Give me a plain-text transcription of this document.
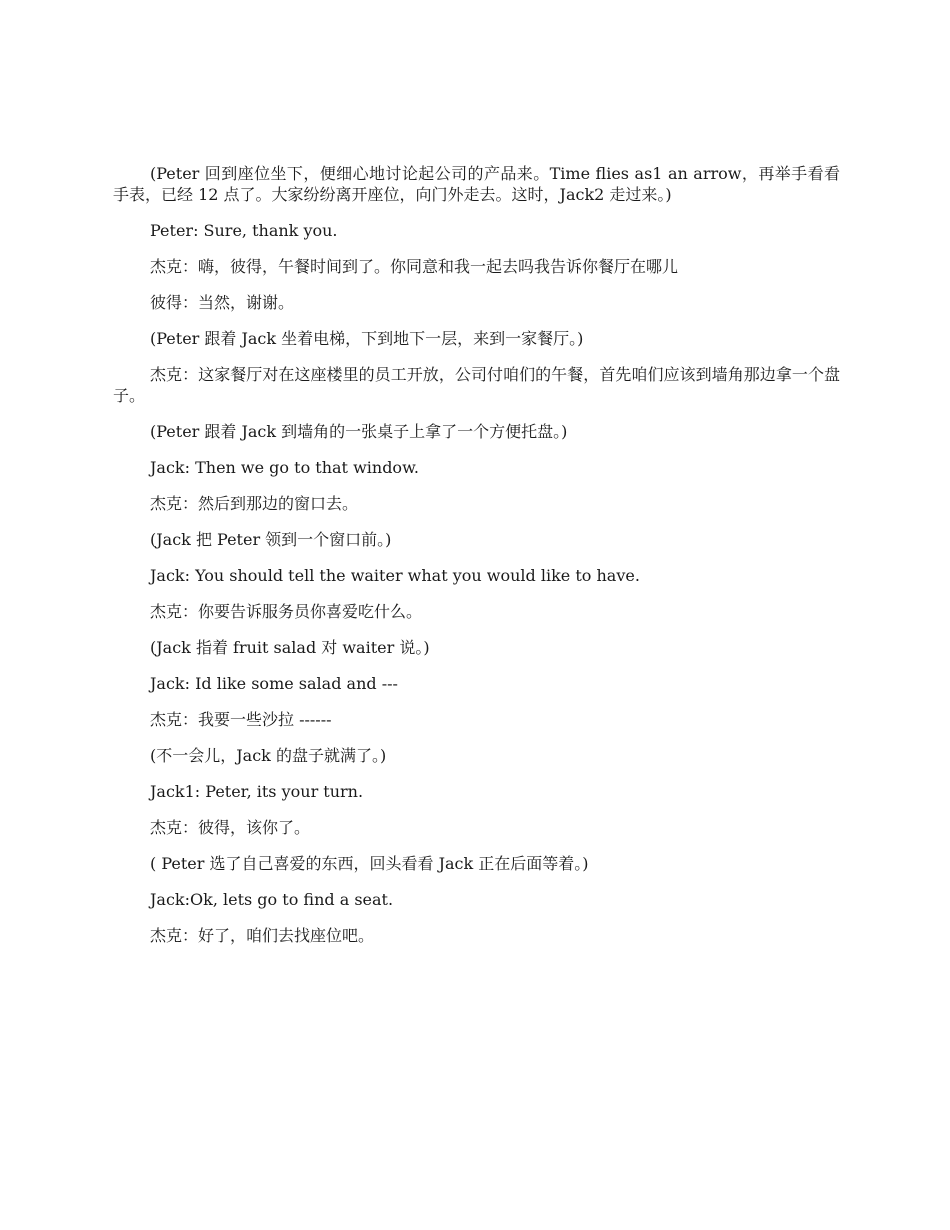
(Peter 回到座位坐下，便细心地讨论起公司的产品来。Time flies as1 an arrow，再举手看看手表，已经 12 点了。大家纷纷离开座位，向门外走去。这时，Jack2 走过来。)

Peter: Sure, thank you.

杰克：嗨，彼得，午餐时间到了。你同意和我一起去吗我告诉你餐厅在哪儿

彼得：当然，谢谢。

(Peter 跟着 Jack 坐着电梯，下到地下一层，来到一家餐厅。)

杰克：这家餐厅对在这座楼里的员工开放，公司付咱们的午餐，首先咱们应该到墙角那边拿一个盘子。

(Peter 跟着 Jack 到墙角的一张桌子上拿了一个方便托盘。)

Jack: Then we go to that window.

杰克：然后到那边的窗口去。

(Jack 把 Peter 领到一个窗口前。)

Jack: You should tell the waiter what you would like to have.

杰克：你要告诉服务员你喜爱吃什么。

(Jack 指着 fruit salad 对 waiter 说。)

Jack: Id like some salad and ---

杰克：我要一些沙拉 ------

(不一会儿，Jack 的盘子就满了。)

Jack1: Peter, its your turn.

杰克：彼得，该你了。

( Peter 选了自己喜爱的东西，回头看看 Jack 正在后面等着。)

Jack:Ok, lets go to find a seat.

杰克：好了，咱们去找座位吧。
